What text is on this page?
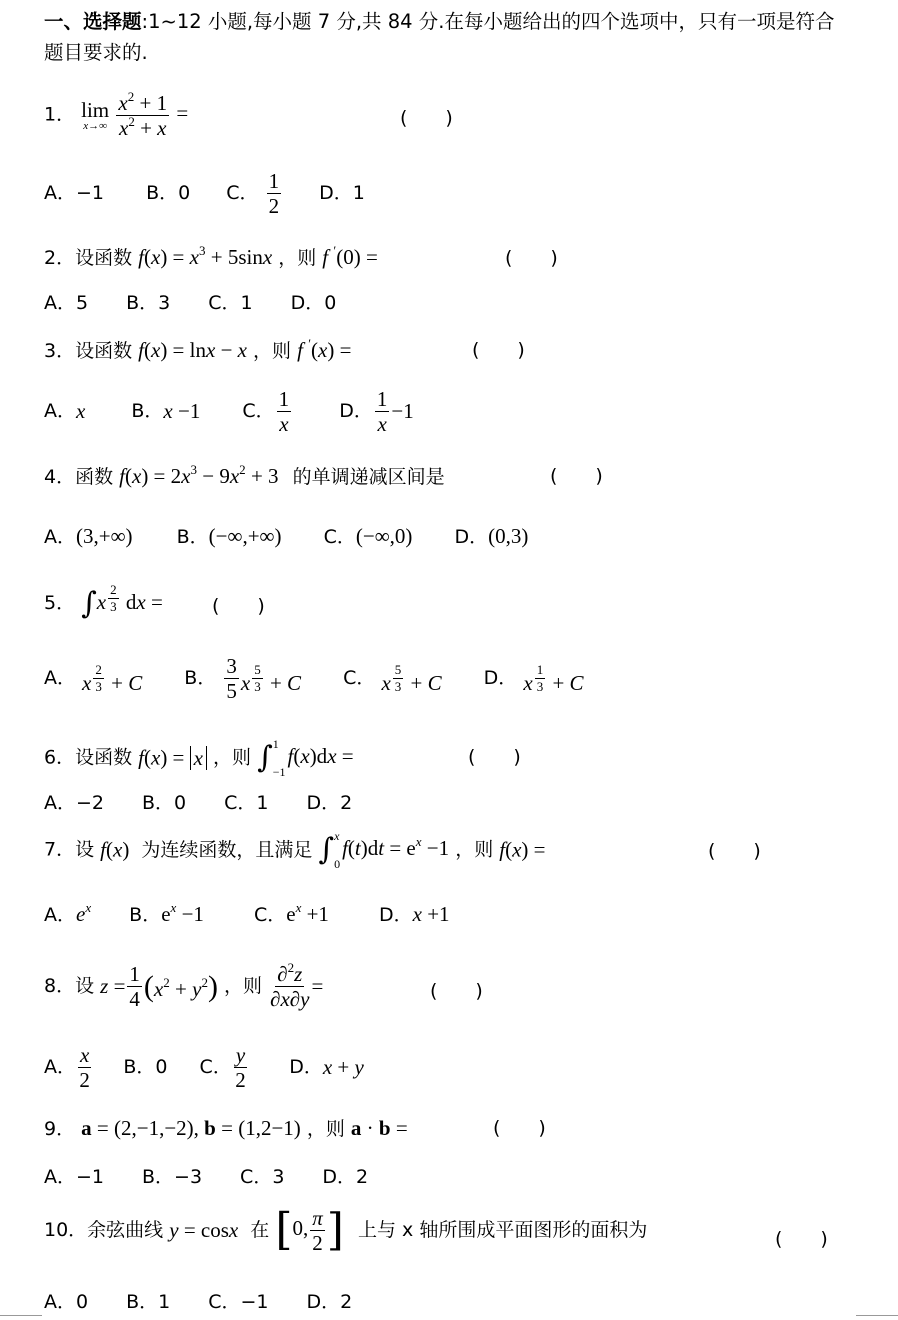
一、选择题:1~12 小题,每小题 7 分,共 84 分.在每小题给出的四个选项中，只有一项是符合
题目要求的.
1． lim
x→∞
$\frac{x^2 + 1}{x^2 + x}$ =	(　　)
A．−1 B．0 C． $\frac{1}{2}$ D．1
2．设函数 $f(x) = x^3 + 5\sin x$ ，则 f ′(0) =	(　　)
A．5　　B．3　　C．1　　D．0
3．设函数 f(x) = lnx − x ，则 f ′(x) =	(　　)
A．x B．x −1 C． $\frac{1}{x}$	D． $\frac{1}{x} -1$
4．函数 $f(x) = 2x^3 - 9x^2 + 3$ 的单调递减区间是	(　　)
A．(3,+∞) B．(−∞,+∞) C．(−∞,0) D．(0,3)
5． ∫x $^{\frac{2}{3}}$ dx =	(　　)
A． x $^{\frac{2}{3}}$ + C B． $\frac{3}{5}$ x $^{\frac{5}{3}}$ + C C． x $^{\frac{5}{3}}$ + C D． x $^{\frac{1}{3}}$ + C
6．设函数 f(x) = x ，则 ∫ 1
−1
f(x)dx =	(　　)
A．−2　　B．0　　C．1　　D．2
7．设 f(x) 为连续函数，且满足 ∫ x
0
$f(t)dt = e^x -1$ ，则 f(x) =	(　　)
A．$e^x$ B．$e^x -1$	C．$e^x +1$	D．x +1
8．设 $z = \frac{1}{4} (x^2 + y^2)$ ，则 $\frac{\partial^2z}{\partial x\partial y}$ =	(　　)
A． $\frac{x}{2}$ B．0 C． $\frac{y}{2}$ D．x + y
9． a = (2,−1,−2), b = (1,2−1) ，则 a · b =	(　　)
A．−1　　B．−3　　C．3　　D．2
10．余弦曲线 y = cosx 在 [0, $\frac{\pi}{2}$ ] 上与 x 轴所围成平面图形的面积为	(　　)
A．0　　B．1　　C．−1　　D．2
